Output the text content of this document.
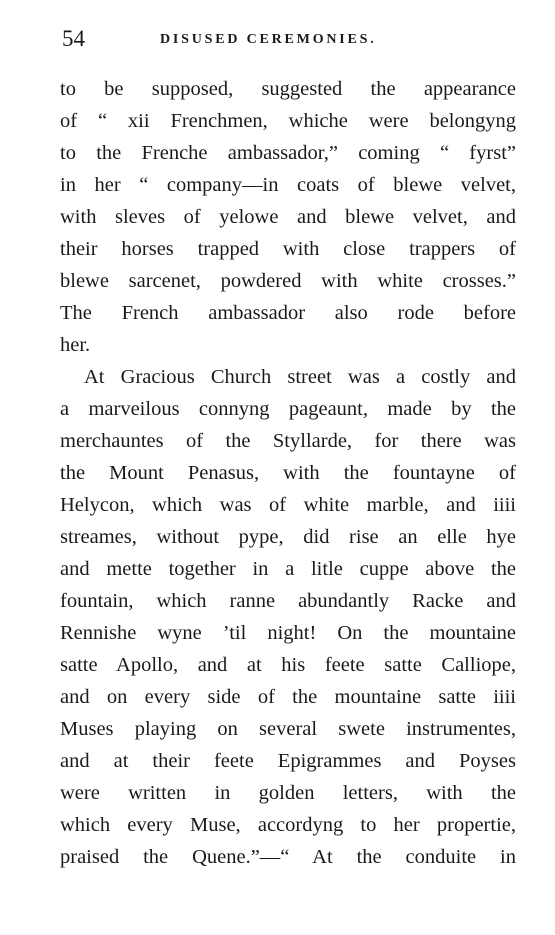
54	DISUSED CEREMONIES.
to be supposed, suggested the appearance
of “ xii Frenchmen, whiche were belongyng
to the Frenche ambassador,” coming “ fyrst”
in her “ company—in coats of blewe velvet,
with sleves of yelowe and blewe velvet, and
their horses trapped with close trappers of
blewe sarcenet, powdered with white crosses.”
The French ambassador also rode before
her.
At Gracious Church street was a costly and
a marveilous connyng pageaunt, made by the
merchauntes of the Styllarde, for there was
the Mount Penasus, with the fountayne of
Helycon, which was of white marble, and iiii
streames, without pype, did rise an elle hye
and mette together in a litle cuppe above the
fountain, which ranne abundantly Racke and
Rennishe wyne ’til night! On the mountaine
satte Apollo, and at his feete satte Calliope,
and on every side of the mountaine satte iiii
Muses playing on several swete instrumentes,
and at their feete Epigrammes and Poyses
were written in golden letters, with the
which every Muse, accordyng to her propertie,
praised the Quene.”—“ At the conduite in
